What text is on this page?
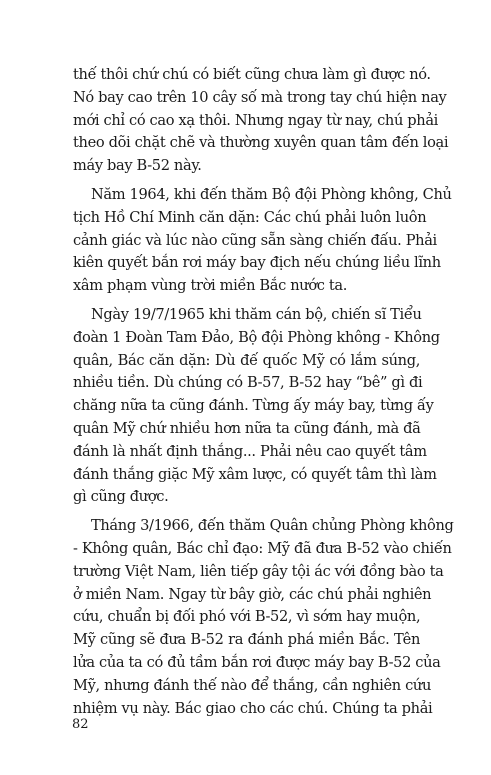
thế thôi chứ chú có biết cũng chưa làm gì được nó.
Nó bay cao trên 10 cây số mà trong tay chú hiện nay
mới chỉ có cao xạ thôi. Nhưng ngay từ nay, chú phải
theo dõi chặt chẽ và thường xuyên quan tâm đến loại
máy bay B-52 này.
Năm 1964, khi đến thăm Bộ đội Phòng không, Chủ
tịch Hồ Chí Minh căn dặn: Các chú phải luôn luôn
cảnh giác và lúc nào cũng sẵn sàng chiến đấu. Phải
kiên quyết bắn rơi máy bay địch nếu chúng liều lĩnh
xâm phạm vùng trời miền Bắc nước ta.
Ngày 19/7/1965 khi thăm cán bộ, chiến sĩ Tiểu
đoàn 1 Đoàn Tam Đảo, Bộ đội Phòng không - Không
quân, Bác căn dặn: Dù đế quốc Mỹ có lắm súng,
nhiều tiền. Dù chúng có B-57, B-52 hay “bê” gì đi
chăng nữa ta cũng đánh. Từng ấy máy bay, từng ấy
quân Mỹ chứ nhiều hơn nữa ta cũng đánh, mà đã
đánh là nhất định thắng... Phải nêu cao quyết tâm
đánh thắng giặc Mỹ xâm lược, có quyết tâm thì làm
gì cũng được.
Tháng 3/1966, đến thăm Quân chủng Phòng không
- Không quân, Bác chỉ đạo: Mỹ đã đưa B-52 vào chiến
trường Việt Nam, liên tiếp gây tội ác với đồng bào ta
ở miền Nam. Ngay từ bây giờ, các chú phải nghiên
cứu, chuẩn bị đối phó với B-52, vì sớm hay muộn,
Mỹ cũng sẽ đưa B-52 ra đánh phá miền Bắc. Tên
lửa của ta có đủ tầm bắn rơi được máy bay B-52 của
Mỹ, nhưng đánh thế nào để thắng, cần nghiên cứu
nhiệm vụ này. Bác giao cho các chú. Chúng ta phải
82
